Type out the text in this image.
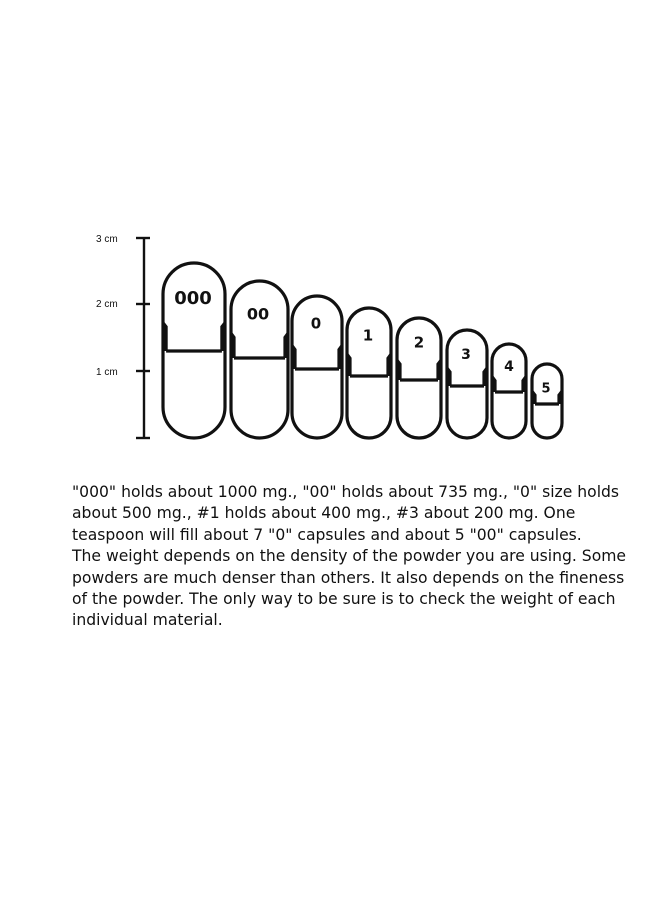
3 cm
2 cm
1 cm
000
00	0
1	2
3
4
5

"000" holds about 1000 mg., "00" holds about 735 mg., "0" size holds about 500 mg., #1 holds about 400 mg., #3 about 200 mg. One teaspoon will fill about 7 "0" capsules and about 5 "00" capsules.

The weight depends on the density of the powder you are using. Some powders are much denser than others. It also depends on the fineness of the powder. The only way to be sure is to check the weight of each individual material.
